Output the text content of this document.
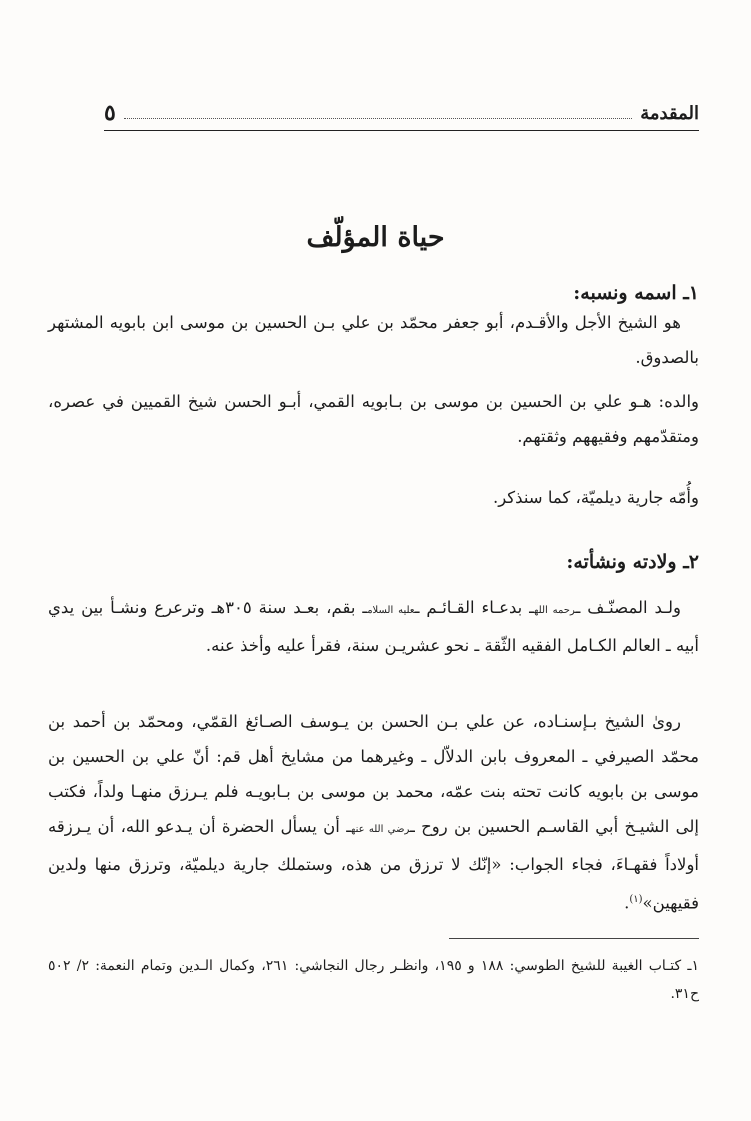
المقدمة
٥
حياة المؤلّف
١ـ اسمه ونسبه:

هو الشيخ الأجل والأقـدم، أبو جعفر محمّد بن علي بـن الحسين بن موسى ابن بابويه المشتهر بالصدوق.

والده: هـو علي بن الحسين بن موسى بن بـابويه القمي، أبـو الحسن شيخ القميين في عصره، ومتقدّمهم وفقيههم وثقتهم.

وأُمّه جارية ديلميّة، كما سنذكر.

٢ـ ولادته ونشأته:

ولـد المصنّـف ـرحمه اللهـ بدعـاء القـائـم ـعليه السلامـ بقم، بعـد سنة ٣٠٥هـ وترعرع ونشـأ بين يدي أبيه ـ العالم الكـامل الفقيه الثّقة ـ نحو عشريـن سنة، فقرأ عليه وأخذ عنه.

روىٰ الشيخ بـإسنـاده، عن علي بـن الحسن بن يـوسف الصـائغ القمّي، ومحمّد بن أحمد بن محمّد الصيرفي ـ المعروف بابن الدلاّل ـ وغيرهما من مشايخ أهل قم: أنّ علي بن الحسين بن موسى بن بابويه كانت تحته بنت عمّه، محمد بن موسى بن بـابويـه فلم يـرزق منهـا ولداً، فكتب إلى الشيـخ أبي القاسـم الحسين بن روح ـرضي الله عنهـ أن يسأل الحضرة أن يـدعو الله، أن يـرزقه أولاداً فقهـاءَ، فجاء الجواب: «إنّك لا ترزق من هذه، وستملك جارية ديلميّة، وترزق منها ولدين فقيهين»$^{(١)}$.

١ـ كتـاب الغيبة للشيخ الطوسي: ١٨٨ و ١٩٥، وانظـر رجال النجاشي: ٢٦١، وكمال الـدين وتمام النعمة: ٢/ ٥٠٢ ح٣١.
